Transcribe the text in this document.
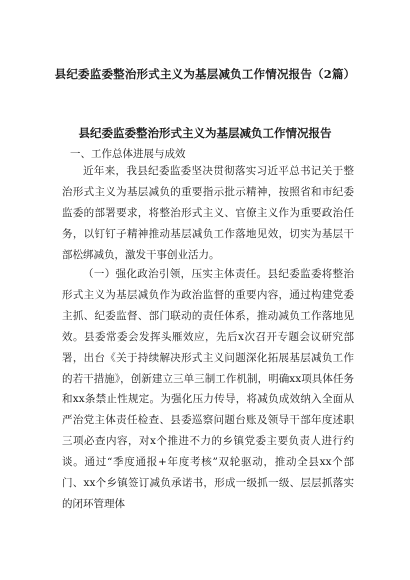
县纪委监委整治形式主义为基层减负工作情况报告（2篇）
县纪委监委整治形式主义为基层减负工作情况报告
一、工作总体进展与成效
近年来，我县纪委监委坚决贯彻落实习近平总书记关于整治形式主义为基层减负的重要指示批示精神，按照省和市纪委监委的部署要求，将整治形式主义、官僚主义作为重要政治任务，以钉钉子精神推动基层减负工作落地见效，切实为基层干部松绑减负，激发干事创业活力。
（一）强化政治引领，压实主体责任。县纪委监委将整治形式主义为基层减负作为政治监督的重要内容，通过构建党委主抓、纪委监督、部门联动的责任体系，推动减负工作落地见效。县委常委会发挥头雁效应，先后x次召开专题会议研究部署，出台《关于持续解决形式主义问题深化拓展基层减负工作的若干措施》，创新建立三单三制工作机制，明确xx项具体任务和xx条禁止性规定。为强化压力传导，将减负成效纳入全面从严治党主体责任检查、县委巡察问题台账及领导干部年度述职三项必查内容，对x个推进不力的乡镇党委主要负责人进行约谈。通过“季度通报+年度考核”双轮驱动，推动全县xx个部门、xx个乡镇签订减负承诺书，形成一级抓一级、层层抓落实的闭环管理体
